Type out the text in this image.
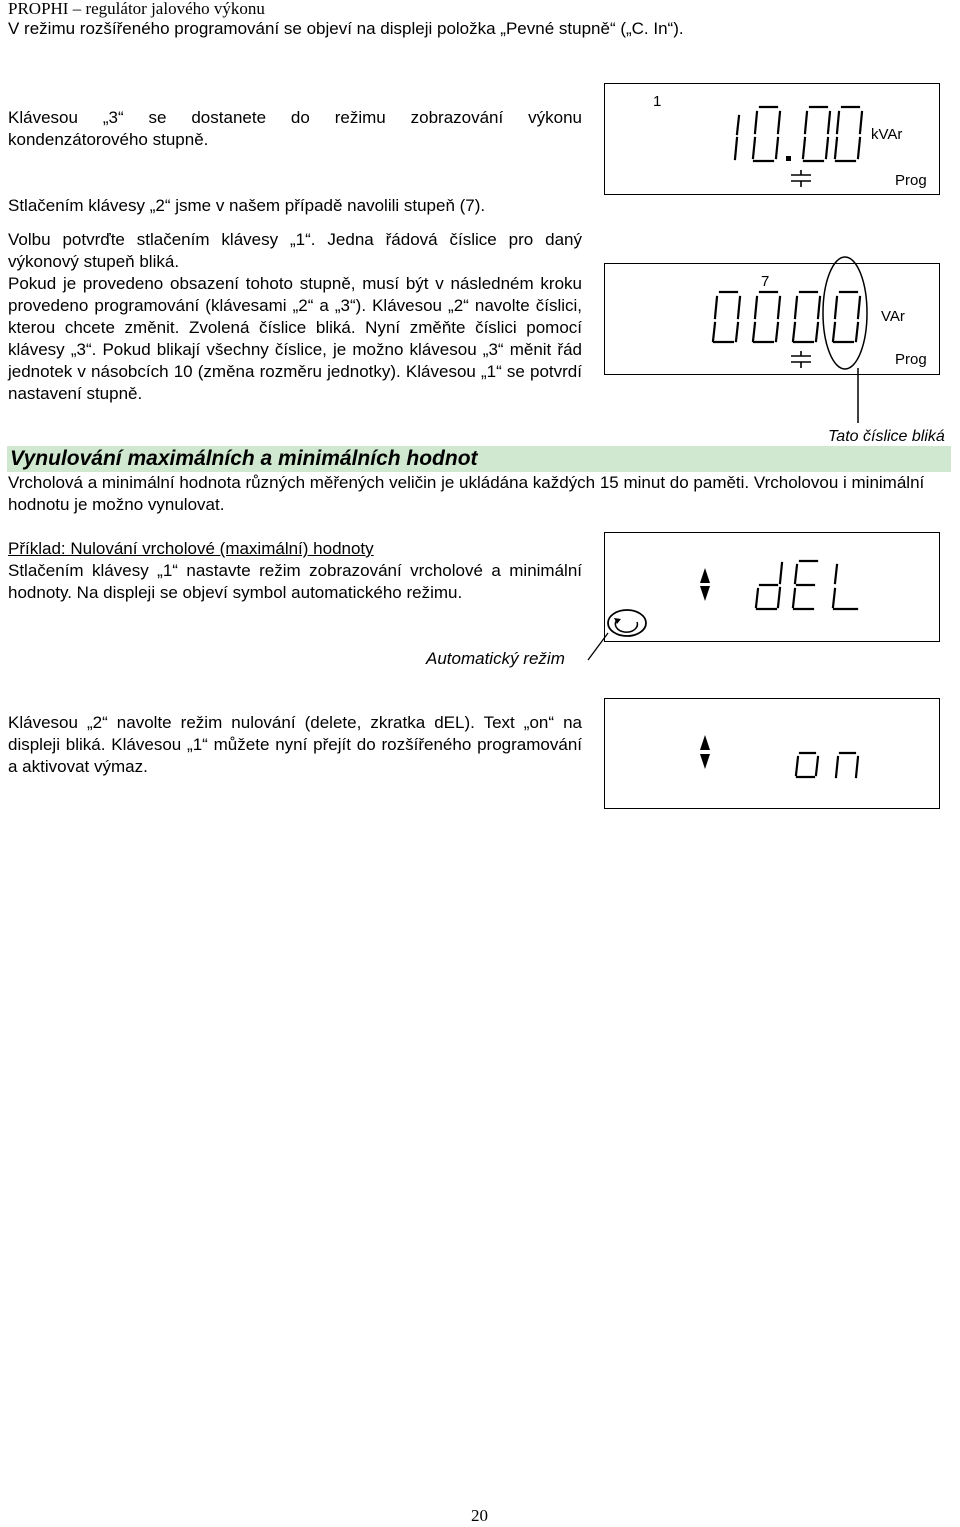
PROPHI – regulátor jalového výkonu
V režimu rozšířeného programování se objeví na displeji položka „Pevné stupně“ („C. In“).

Klávesou „3“ se dostanete do režimu zobrazování výkonu kondenzátorového stupně.

Stlačením klávesy „2“ jsme v našem případě navolili stupeň (7).

Volbu potvrďte stlačením klávesy „1“. Jedna řádová číslice pro daný výkonový stupeň bliká.

Pokud je provedeno obsazení tohoto stupně, musí být v následném kroku provedeno programování (klávesami „2“ a „3“). Klávesou „2“ navolte číslici, kterou chcete změnit. Zvolená číslice bliká. Nyní změňte číslici pomocí klávesy „3“. Pokud blikají všechny číslice, je možno klávesou „3“ měnit řád jednotek v násobcích 10 (změna rozměru jednotky). Klávesou „1“ se potvrdí nastavení stupně.

1
kVAr
Prog
7
VAr
Prog
Tato číslice bliká
Vynulování maximálních a minimálních hodnot

Vrcholová a minimální hodnota různých měřených veličin je ukládána každých 15 minut do paměti. Vrcholovou i minimální hodnotu je možno vynulovat.

Příklad: Nulování vrcholové (maximální) hodnoty

Stlačením klávesy „1“ nastavte režim zobrazování vrcholové a minimální hodnoty. Na displeji se objeví symbol automatického režimu.

Automatický režim

Klávesou „2“ navolte režim nulování (delete, zkratka dEL). Text „on“ na displeji bliká. Klávesou „1“ můžete nyní přejít do rozšířeného programování a aktivovat výmaz.

20
